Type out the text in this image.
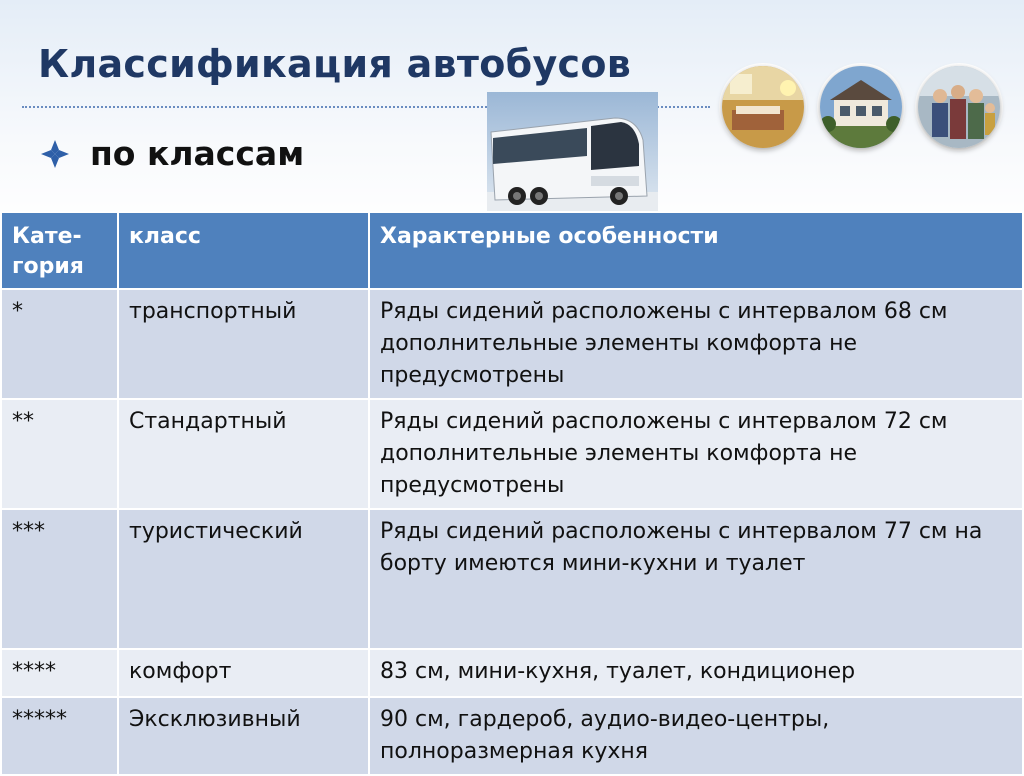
Классификация автобусов
по классам
Кате-
гория	класс	Характерные особенности
*	транспортный	Ряды сидений расположены с интервалом 68 см дополнительные элементы комфорта не предусмотрены
**	Стандартный	Ряды сидений расположены с интервалом 72 см дополнительные элементы комфорта не предусмотрены
***	туристический	Ряды сидений расположены с интервалом 77 см на борту имеются мини-кухни и туалет
****	комфорт	83 см, мини-кухня, туалет, кондиционер
*****	Эксклюзивный	90 см, гардероб, аудио-видео-центры, полноразмерная кухня
